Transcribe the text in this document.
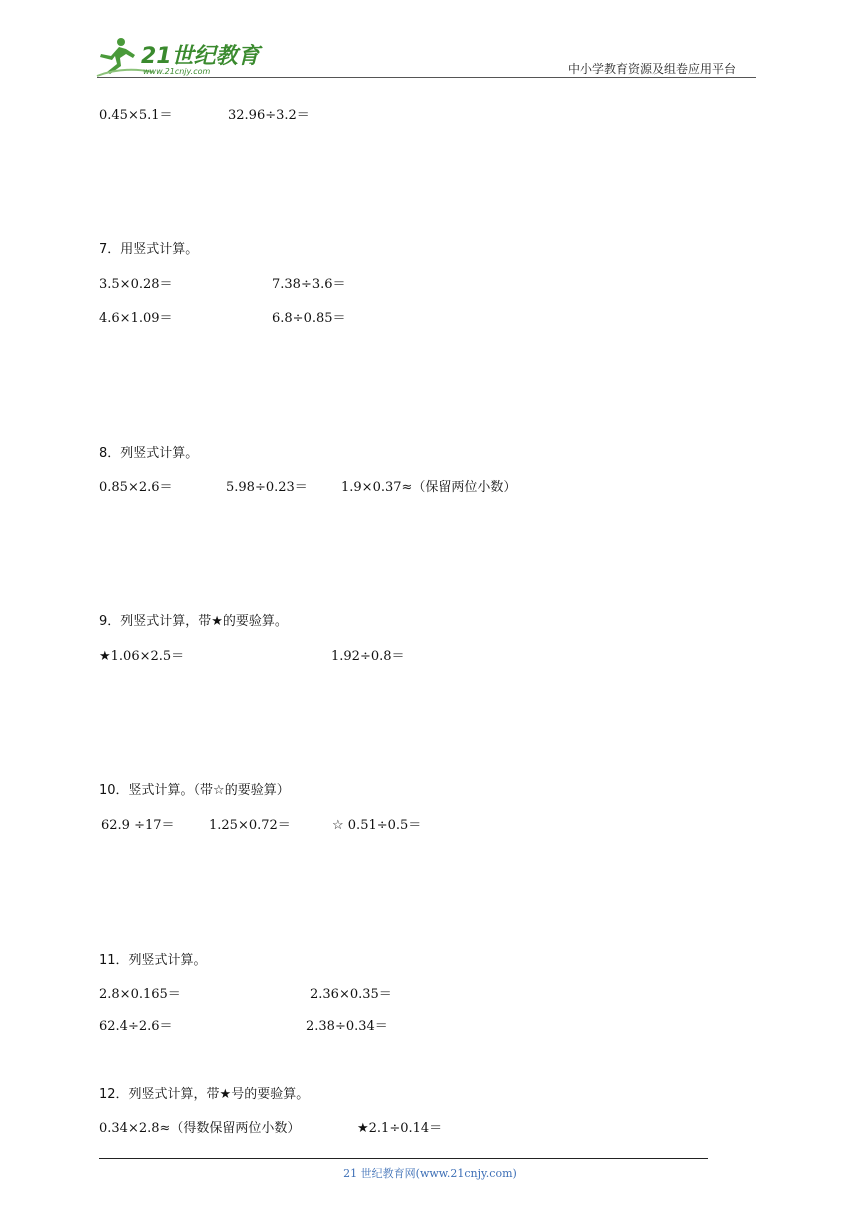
21世纪教育
www.21cnjy.com	中小学教育资源及组卷应用平台
0.45×5.1＝	32.96÷3.2＝
7．用竖式计算。
3.5×0.28＝	7.38÷3.6＝
4.6×1.09＝	6.8÷0.85＝
8．列竖式计算。
0.85×2.6＝	5.98÷0.23＝	1.9×0.37≈（保留两位小数）
9．列竖式计算，带★的要验算。
★1.06×2.5＝	1.92÷0.8＝
10．竖式计算。（带☆的要验算）
62.9 ÷17＝	1.25×0.72＝	☆ 0.51÷0.5＝
11．列竖式计算。
2.8×0.165＝	2.36×0.35＝
62.4÷2.6＝	2.38÷0.34＝
12．列竖式计算，带★号的要验算。
0.34×2.8≈（得数保留两位小数）	★2.1÷0.14＝
21 世纪教育网(www.21cnjy.com)
